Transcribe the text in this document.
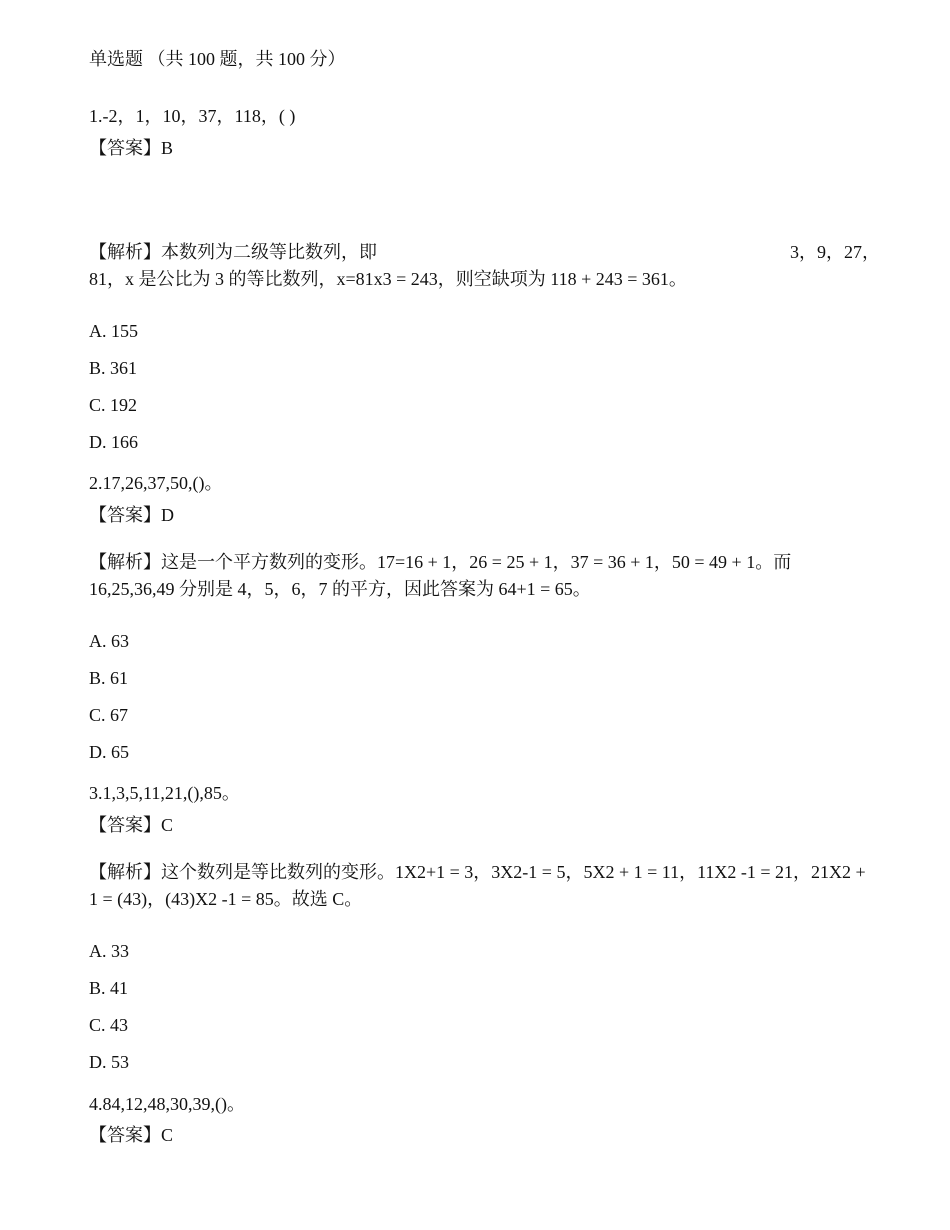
单选题 （共 100 题，共 100 分）
1.-2，1，10，37，118，( )
【答案】B
【解析】本数列为二级等比数列，即	3，9，27，
81，x 是公比为 3 的等比数列，x=81x3 = 243，则空缺项为 118 + 243 = 361。
A. 155
B. 361
C. 192
D. 166
2.17,26,37,50,()。
【答案】D
【解析】这是一个平方数列的变形。17=16 + 1，26 = 25 + 1，37 = 36 + 1，50 = 49 + 1。而
16,25,36,49 分别是 4，5，6，7 的平方，因此答案为 64+1 = 65。
A. 63
B. 61
C. 67
D. 65
3.1,3,5,11,21,(),85。
【答案】C
【解析】这个数列是等比数列的变形。1X2+1 = 3，3X2-1 = 5，5X2 + 1 = 11，11X2 -1 = 21，21X2 +
1 = (43)，(43)X2 -1 = 85。故选 C。
A. 33
B. 41
C. 43
D. 53
4.84,12,48,30,39,()。
【答案】C
